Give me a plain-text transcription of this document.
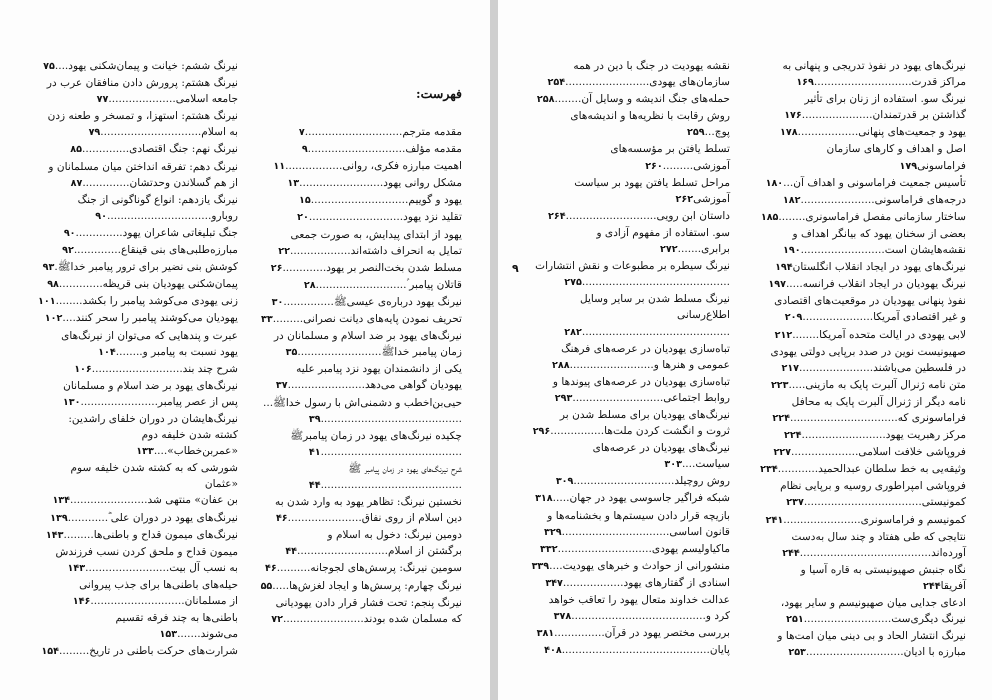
نیرنگ ششم: خیانت و پیمان‌شکنی یهود....۷۵
نیرنگ هشتم: پرورش دادن منافقان عرب در
جامعه اسلامی....................۷۷
نیرنگ هشتم: استهزا، و تمسخر و طعنه زدن
به اسلام..............................۷۹
نیرنگ نهم: جنگ اقتصادی..............۸۵
نیرنگ دهم: تفرقه انداختن میان مسلمانان و
از هم گسلاندن وحدتشان..............۸۷
نیرنگ یازدهم: انواع گوناگونی از جنگ
روبارو...............................۹۰
جنگ تبلیغاتی شاعران یهود..............۹۰
مبارزه‌طلبی‌های بنی قینقاع..............۹۲
کوشش بنی نضیر برای ترور پیامبر خداﷺ.۹۳
پیمان‌شکنی یهودیان بنی قریظه.............۹۸
زنی یهودی می‌کوشد پیامبر را بکشد........۱۰۱
یهودیان می‌کوشند پیامبر را سحر کنند....۱۰۲
عبرت و پندهایی که می‌توان از نیرنگ‌های
یهود نسبت به پیامبر و........۱۰۴
شرح چند بند...........................۱۰۶
نیرنگ‌های یهود بر ضد اسلام و مسلمانان
پس از عصر پیامبر.......................۱۳۰
نیرنگ‌هایشان در دوران خلفای راشدین:
کشته شدن خلیفه دوم «عمربن‌خطاب»....۱۳۳
شورشی که به کشته شدن خلیفه سوم «عثمان
بن عفان» منتهی شد.......................۱۳۴
نیرنگ‌های یهود در دوران علی ؓ............۱۳۹
نیرنگ‌های میمون قداح و باطنی‌ها.........۱۴۳
میمون قداح و ملحق کردن نسب فرزندش
به نسب آل بیت.........................۱۴۳
حیله‌های باطنی‌ها برای جذب پیروانی
از مسلمانان............................۱۴۶
باطنی‌ها به چند فرقه تقسیم می‌شوند.......۱۵۳
شرارت‌های حرکت باطنی در تاریخ.........۱۵۴
فهرست:
مقدمه مترجم.............................۷
مقدمه مؤلف.............................۹
اهمیت مبارزه فکری، روانی.................۱۱
مشکل روانی یهود.........................۱۳
یهود و گوییم.............................۱۵
تقلید نزد یهود............................۲۰
یهود از ابتدای پیدایش، به صورت جمعی
تمایل به انحراف داشته‌اند..................۲۲
مسلط شدن بخت‌النصر بر یهود.............۲۶
قاتلان پیامبر ؑ...........................۲۸
نیرنگ یهود درباره‌ی عیسیﷺ...............۳۰
تحریف نمودن پایه‌های دیانت نصرانی.........۳۳
نیرنگ‌های یهود بر ضد اسلام و مسلمانان در
زمان پیامبر خداﷺ.........................۳۵
یکی از دانشمندان یهود نزد پیامبر علیه
یهودیان گواهی می‌دهد.......................۳۷
حیی‌بن‌اخطب و دشمنی‌اش با رسول خداﷺ...
..........................................۳۹
چکیده نیرنگ‌های یهود در زمان پیامبرﷺ
..........................................۴۱
شرح نیرنگ‌های یهود در زمان پیامبر ﷺ
..........................................۴۴
نخستین نیرنگ: تظاهر یهود به وارد شدن به
دین اسلام از روی نفاق......................۴۶
دومین نیرنگ: دخول به اسلام و
برگشتن از اسلام...........................۴۴
سومین نیرنگ: پرسش‌های لجوجانه..........۴۶
نیرنگ چهارم: پرسش‌ها و ایجاد لغزش‌ها.....۵۵
نیرنگ پنجم: تحت فشار قرار دادن یهودیانی
که مسلمان شده بودند........................۷۲
۹
نقشه یهودیت در جنگ با دین در همه
سازمان‌های یهودی.........................۲۵۴
حمله‌های جنگ اندیشه و وسایل آن........۲۵۸
روش رقابت با نظریه‌ها و اندیشه‌های پوچ...۲۵۹
تسلط یافتن بر مؤسسه‌های آموزشی.........۲۶۰
مراحل تسلط یافتن یهود بر سیاست آموزشی۲۶۲
داستان ابن رویی...........................۲۶۴
سو. استفاده از مفهوم آزادی و برابری.......۲۷۲
نیرنگ سیطره بر مطبوعات و نقش انتشارات
............................................۲۷۵
نیرنگ مسلط شدن بر سایر وسایل اطلاع‌رسانی
............................................۲۸۲
تباه‌سازی یهودیان در عرصه‌های فرهنگ
عمومی و هنرها و.........................۲۸۸
تباه‌سازی یهودیان در عرصه‌های پیوندها و
روابط اجتماعی...........................۲۹۳
نیرنگ‌های یهودیان برای مسلط شدن بر
ثروت و انگشت کردن ملت‌ها................۲۹۶
نیرنگ‌های یهودیان در عرصه‌های سیاست....۳۰۳
روش روچیلد..............................۳۰۹
شبکه فراگیر جاسوسی یهود در جهان.....۳۱۸
بازیچه قرار دادن سیستم‌ها و بخشنامه‌ها و
قانون اساسی................................۳۲۹
ماکیاولیسم یهودی............................۳۳۲
منشورانی از حوادث و خبرهای یهودیت....۳۳۹
اسنادی از گفتارهای یهود..................۳۴۷
عدالت خداوند متعال یهود را تعاقب خواهد
کرد و........................................۳۷۸
بررسی مختصر یهود در قرآن...............۳۸۱
پایان............................................۴۰۸
نیرنگ‌های یهود در نفوذ تدریجی و پنهانی به
مراکز قدرت.............................۱۶۹
نیرنگ سو. استفاده از زنان برای تأثیر
گذاشتن بر قدرتمندان.....................۱۷۶
یهود و جمعیت‌های پنهانی..................۱۷۸
اصل و اهداف و کارهای سازمان فراماسونی۱۷۹
تأسیس جمعیت فراماسونی و اهداف آن...۱۸۰
درجه‌های فراماسونی......................۱۸۲
ساختار سازمانی مفصل فراماسونری........۱۸۵
بعضی از سخنان یهود که بیانگر اهداف و
نقشه‌هایشان است.........................۱۹۰
نیرنگ‌های یهود در ایجاد انقلاب انگلستان۱۹۴
نیرنگ یهودیان در ایجاد انقلاب فرانسه.....۱۹۷
نفوذ پنهانی یهودیان در موقعیت‌های اقتصادی
و غیر اقتصادی آمریکا.....................۲۰۹
لابی یهودی در ایالت متحده آمریکا........۲۱۲
صهیونیست نوین در صدد برپایی دولتی یهودی
در فلسطین می‌باشند......................۲۱۷
متن نامه ژنرال آلبرت پایک به مازینی.....۲۲۳
نامه دیگر از ژنرال آلبرت پایک به محافل
فراماسونری که................................۲۲۴
مرکز رهبریت یهود.........................۲۲۴
فروپاشی خلافت اسلامی....................۲۲۷
وثیقه‌یی به خط سلطان عبدالحمید............۲۳۴
فروپاشی امپراطوری روسیه و برپایی نظام
کمونیستی...................................۲۳۷
کمونیسم و فراماسونری.......................۲۴۱
نتایجی که طی هفتاد و چند سال به‌دست
آورده‌اند.......................................۲۴۴
نگاه جنبش صهیونیستی به قاره آسیا و آفریقا۲۴۴
ادعای جدایی میان صهیونیسم و سایر یهود،
نیرنگ دیگری‌ست..........................۲۵۱
نیرنگ انتشار الحاد و بی دینی میان امت‌ها و
مبارزه با ادیان.............................۲۵۳
